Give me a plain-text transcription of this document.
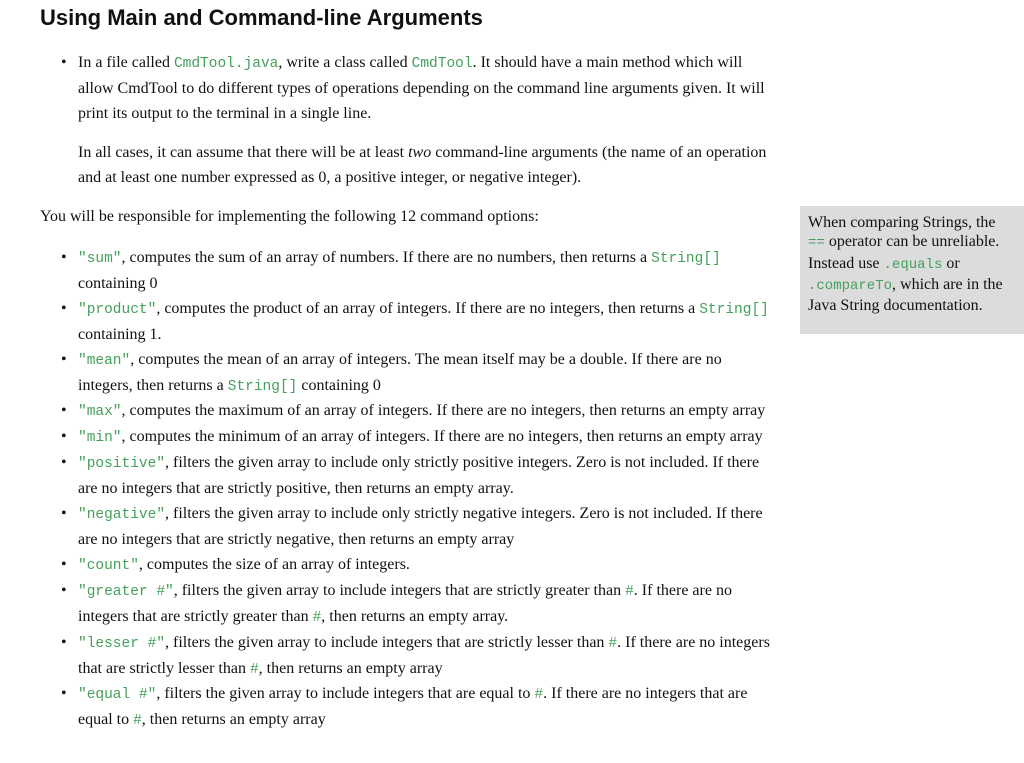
Using Main and Command-line Arguments
• In a file called CmdTool.java, write a class called CmdTool. It should have a main method which will allow CmdTool to do different types of operations depending on the command line arguments given. It will print its output to the terminal in a single line.

In all cases, it can assume that there will be at least two command-line arguments (the name of an operation and at least one number expressed as 0, a positive integer, or negative integer).

You will be responsible for implementing the following 12 command options:

• "sum", computes the sum of an array of numbers. If there are no numbers, then returns a String[] containing 0
• "product", computes the product of an array of integers. If there are no integers, then returns a String[] containing 1.
• "mean", computes the mean of an array of integers. The mean itself may be a double. If there are no integers, then returns a String[] containing 0
• "max", computes the maximum of an array of integers. If there are no integers, then returns an empty array
• "min", computes the minimum of an array of integers. If there are no integers, then returns an empty array
• "positive", filters the given array to include only strictly positive integers. Zero is not included. If there are no integers that are strictly positive, then returns an empty array.
• "negative", filters the given array to include only strictly negative integers. Zero is not included. If there are no integers that are strictly negative, then returns an empty array
• "count", computes the size of an array of integers.
• "greater #", filters the given array to include integers that are strictly greater than #. If there are no integers that are strictly greater than #, then returns an empty array.
• "lesser #", filters the given array to include integers that are strictly lesser than #. If there are no integers that are strictly lesser than #, then returns an empty array
• "equal #", filters the given array to include integers that are equal to #. If there are no integers that are equal to #, then returns an empty array
When comparing Strings, the == operator can be unreliable. Instead use .equals or .compareTo, which are in the Java String documentation.
